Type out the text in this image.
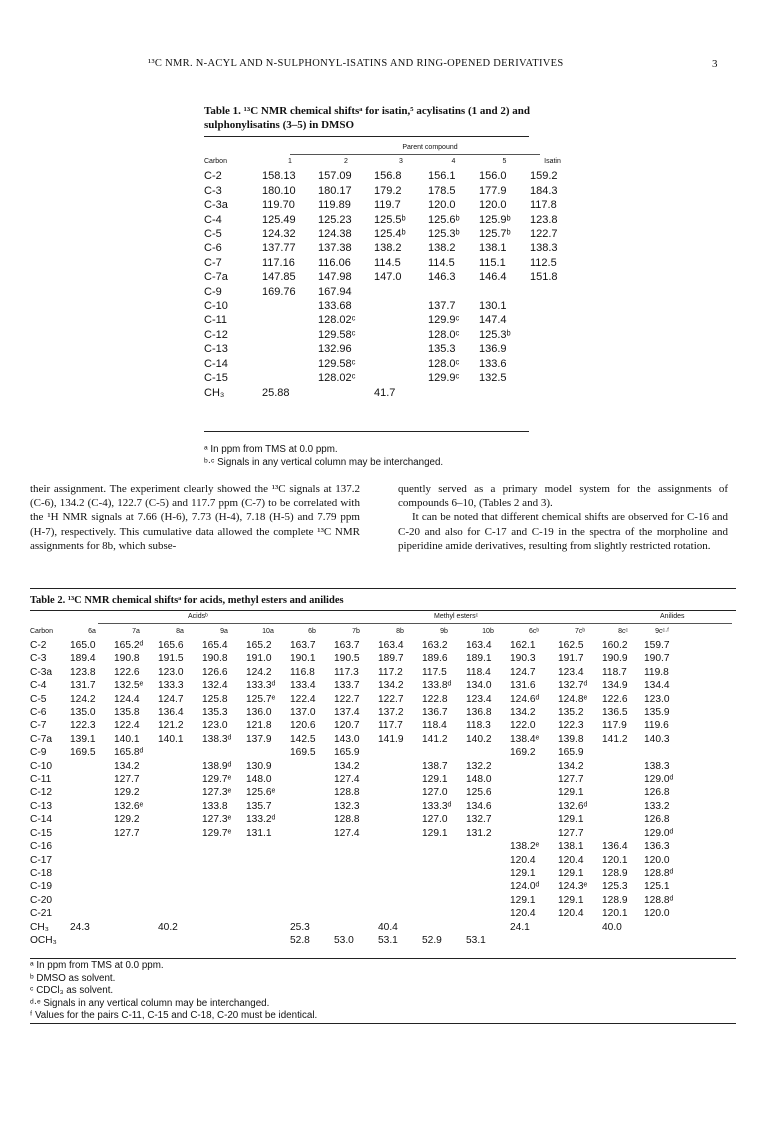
¹³C NMR. N-ACYL AND N-SULPHONYL-ISATINS AND RING-OPENED DERIVATIVES	3
Table 1. ¹³C NMR chemical shiftsᵃ for isatin,⁵ acylisatins (1 and 2) and sulphonylisatins (3–5) in DMSO
Parent compound
Carbon	1	2	3	4	5	Isatin
C-2	158.13	157.09	156.8	156.1	156.0	159.2
C-3	180.10	180.17	179.2	178.5	177.9	184.3
C-3a	119.70	119.89	119.7	120.0	120.0	117.8
C-4	125.49	125.23	125.5ᵇ	125.6ᵇ	125.9ᵇ	123.8
C-5	124.32	124.38	125.4ᵇ	125.3ᵇ	125.7ᵇ	122.7
C-6	137.77	137.38	138.2	138.2	138.1	138.3
C-7	117.16	116.06	114.5	114.5	115.1	112.5
C-7a	147.85	147.98	147.0	146.3	146.4	151.8
C-9	169.76	167.94				
C-10		133.68		137.7	130.1	
C-11		128.02ᶜ		129.9ᶜ	147.4	
C-12		129.58ᶜ		128.0ᶜ	125.3ᵇ	
C-13		132.96		135.3	136.9	
C-14		129.58ᶜ		128.0ᶜ	133.6	
C-15		128.02ᶜ		129.9ᶜ	132.5	
CH₃	25.88		41.7			
ᵃ In ppm from TMS at 0.0 ppm.
ᵇ·ᶜ Signals in any vertical column may be interchanged.
their assignment. The experiment clearly showed the ¹³C signals at 137.2 (C-6), 134.2 (C-4), 122.7 (C-5) and 117.7 ppm (C-7) to be correlated with the ¹H NMR signals at 7.66 (H-6), 7.73 (H-4), 7.18 (H-5) and 7.79 ppm (H-7), respectively. This cumulative data allowed the complete ¹³C NMR assignments for 8b, which subse-
quently served as a primary model system for the assignments of compounds 6–10, (Tables 2 and 3).
It can be noted that different chemical shifts are observed for C-16 and C-20 and also for C-17 and C-19 in the spectra of the morpholine and piperidine amide derivatives, resulting from slightly restricted rotation.
Table 2. ¹³C NMR chemical shiftsᵃ for acids, methyl esters and anilides
Acidsᵇ	Methyl estersᶜ	Anilides
Carbon	6a	7a	8a	9a	10a	6b	7b	8b	9b	10b	6cᵇ	7cᵇ	8cᶜ	9cᶜ·ᶠ
C-2	165.0	165.2ᵈ	165.6	165.4	165.2	163.7	163.7	163.4	163.2	163.4	162.1	162.5	160.2	159.7
C-3	189.4	190.8	191.5	190.8	191.0	190.1	190.5	189.7	189.6	189.1	190.3	191.7	190.9	190.7
C-3a	123.8	122.6	123.0	126.6	124.2	116.8	117.3	117.2	117.5	118.4	124.7	123.4	118.7	119.8
C-4	131.7	132.5ᵉ	133.3	132.4	133.3ᵈ	133.4	133.7	134.2	133.8ᵈ	134.0	131.6	132.7ᵈ	134.9	134.4
C-5	124.2	124.4	124.7	125.8	125.7ᵉ	122.4	122.7	122.7	122.8	123.4	124.6ᵈ	124.8ᵉ	122.6	123.0
C-6	135.0	135.8	136.4	135.3	136.0	137.0	137.4	137.2	136.7	136.8	134.2	135.2	136.5	135.9
C-7	122.3	122.4	121.2	123.0	121.8	120.6	120.7	117.7	118.4	118.3	122.0	122.3	117.9	119.6
C-7a	139.1	140.1	140.1	138.3ᵈ	137.9	142.5	143.0	141.9	141.2	140.2	138.4ᵉ	139.8	141.2	140.3
C-9	169.5	165.8ᵈ				169.5	165.9				169.2	165.9		
C-10		134.2		138.9ᵈ	130.9		134.2		138.7	132.2		134.2		138.3
C-11		127.7		129.7ᵉ	148.0		127.4		129.1	148.0		127.7		129.0ᵈ
C-12		129.2		127.3ᵉ	125.6ᵉ		128.8		127.0	125.6		129.1		126.8
C-13		132.6ᵉ		133.8	135.7		132.3		133.3ᵈ	134.6		132.6ᵈ		133.2
C-14		129.2		127.3ᵉ	133.2ᵈ		128.8		127.0	132.7		129.1		126.8
C-15		127.7		129.7ᵉ	131.1		127.4		129.1	131.2		127.7		129.0ᵈ
C-16											138.2ᵉ	138.1	136.4	136.3
C-17											120.4	120.4	120.1	120.0
C-18											129.1	129.1	128.9	128.8ᵈ
C-19											124.0ᵈ	124.3ᵉ	125.3	125.1
C-20											129.1	129.1	128.9	128.8ᵈ
C-21											120.4	120.4	120.1	120.0
CH₃	24.3		40.2			25.3		40.4			24.1		40.0	
OCH₃						52.8	53.0	53.1	52.9	53.1				
ᵃ In ppm from TMS at 0.0 ppm.
ᵇ DMSO as solvent.
ᶜ CDCl₃ as solvent.
ᵈ·ᵉ Signals in any vertical column may be interchanged.
ᶠ Values for the pairs C-11, C-15 and C-18, C-20 must be identical.
